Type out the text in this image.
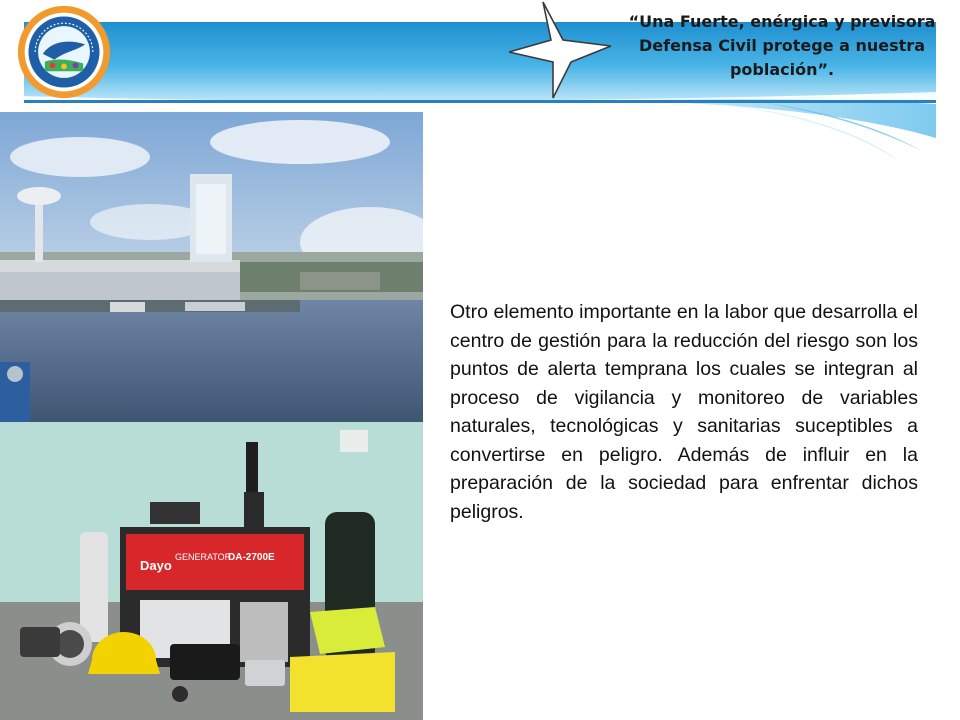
“Una Fuerte, enérgica y previsora Defensa Civil protege a nuestra población”.
Dayo
GENERATOR
DA-2700E

Otro elemento importante en la labor que desarrolla el centro de gestión para la reducción del riesgo son los puntos de alerta temprana los cuales se integran al proceso de vigilancia y monitoreo de variables naturales, tecnológicas y sanitarias suceptibles a convertirse en peligro. Además de influir en la preparación de la sociedad para enfrentar dichos peligros.
